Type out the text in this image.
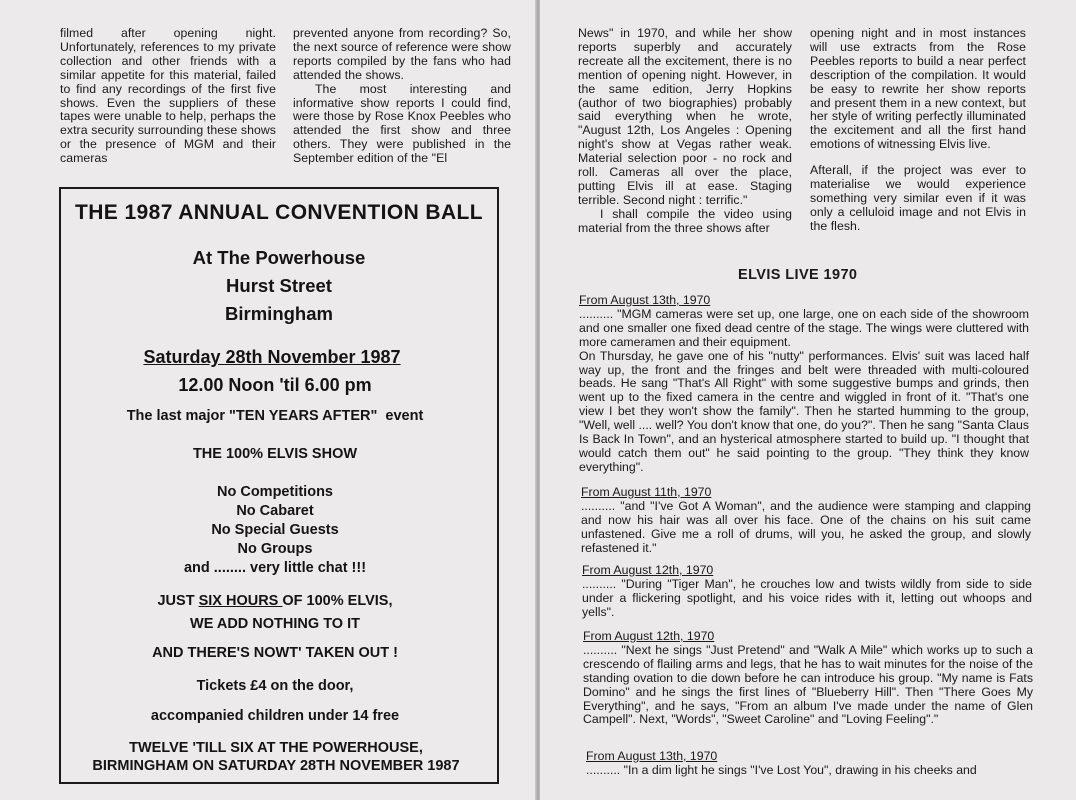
filmed after opening night. Unfortunately, references to my private collection and other friends with a similar appetite for this material, failed to find any recordings of the first five shows. Even the suppliers of these tapes were unable to help, perhaps the extra security surrounding these shows or the presence of MGM and their cameras

prevented anyone from recording? So, the next source of reference were show reports compiled by the fans who had attended the shows.

The most interesting and informative show reports I could find, were those by Rose Knox Peebles who attended the first show and three others. They were published in the September edition of the "El

THE 1987 ANNUAL CONVENTION BALL
At The Powerhouse
Hurst Street
Birmingham
Saturday 28th November 1987
12.00 Noon 'til 6.00 pm
The last major "TEN YEARS AFTER"  event
THE 100% ELVIS SHOW
No Competitions
No Cabaret
No Special Guests
No Groups
and ........ very little chat !!!
JUST SIX HOURS OF 100% ELVIS,
WE ADD NOTHING TO IT
AND THERE'S NOWT' TAKEN OUT !
Tickets £4 on the door,
accompanied children under 14 free
TWELVE 'TILL SIX AT THE POWERHOUSE,
BIRMINGHAM ON SATURDAY 28TH NOVEMBER 1987

News" in 1970, and while her show reports superbly and accurately recreate all the excitement, there is no mention of opening night. However, in the same edition, Jerry Hopkins (author of two biographies) probably said everything when he wrote, "August 12th, Los Angeles : Opening night's show at Vegas rather weak. Material selection poor - no rock and roll. Cameras all over the place, putting Elvis ill at ease. Staging terrible. Second night : terrific."

I shall compile the video using material from the three shows after

opening night and in most instances will use extracts from the Rose Peebles reports to build a near perfect description of the compilation. It would be easy to rewrite her show reports and present them in a new context, but her style of writing perfectly illuminated the excitement and all the first hand emotions of witnessing Elvis live.

Afterall, if the project was ever to materialise we would experience something very similar even if it was only a celluloid image and not Elvis in the flesh.

ELVIS LIVE 1970
From August 13th, 1970

.......... "MGM cameras were set up, one large, one on each side of the showroom and one smaller one fixed dead centre of the stage. The wings were cluttered with more cameramen and their equipment.

On Thursday, he gave one of his "nutty" performances. Elvis' suit was laced half way up, the front and the fringes and belt were threaded with multi-coloured beads. He sang "That's All Right" with some suggestive bumps and grinds, then went up to the fixed camera in the centre and wiggled in front of it. "That's one view I bet they won't show the family". Then he started humming to the group, "Well, well .... well? You don't know that one, do you?". Then he sang "Santa Claus Is Back In Town", and an hysterical atmosphere started to build up. "I thought that would catch them out" he said pointing to the group. "They think they know everything".

From August 11th, 1970

.......... "and "I've Got A Woman", and the audience were stamping and clapping and now his hair was all over his face. One of the chains on his suit came unfastened. Give me a roll of drums, will you, he asked the group, and slowly refastened it."

From August 12th, 1970

.......... "During "Tiger Man", he crouches low and twists wildly from side to side under a flickering spotlight, and his voice rides with it, letting out whoops and yells".

From August 12th, 1970

.......... "Next he sings "Just Pretend" and "Walk A Mile" which works up to such a crescendo of flailing arms and legs, that he has to wait minutes for the noise of the standing ovation to die down before he can introduce his group. "My name is Fats Domino" and he sings the first lines of "Blueberry Hill". Then "There Goes My Everything", and he says, "From an album I've made under the name of Glen Campell". Next, "Words", "Sweet Caroline" and "Loving Feeling"."

From August 13th, 1970

.......... "In a dim light he sings "I've Lost You", drawing in his cheeks and
